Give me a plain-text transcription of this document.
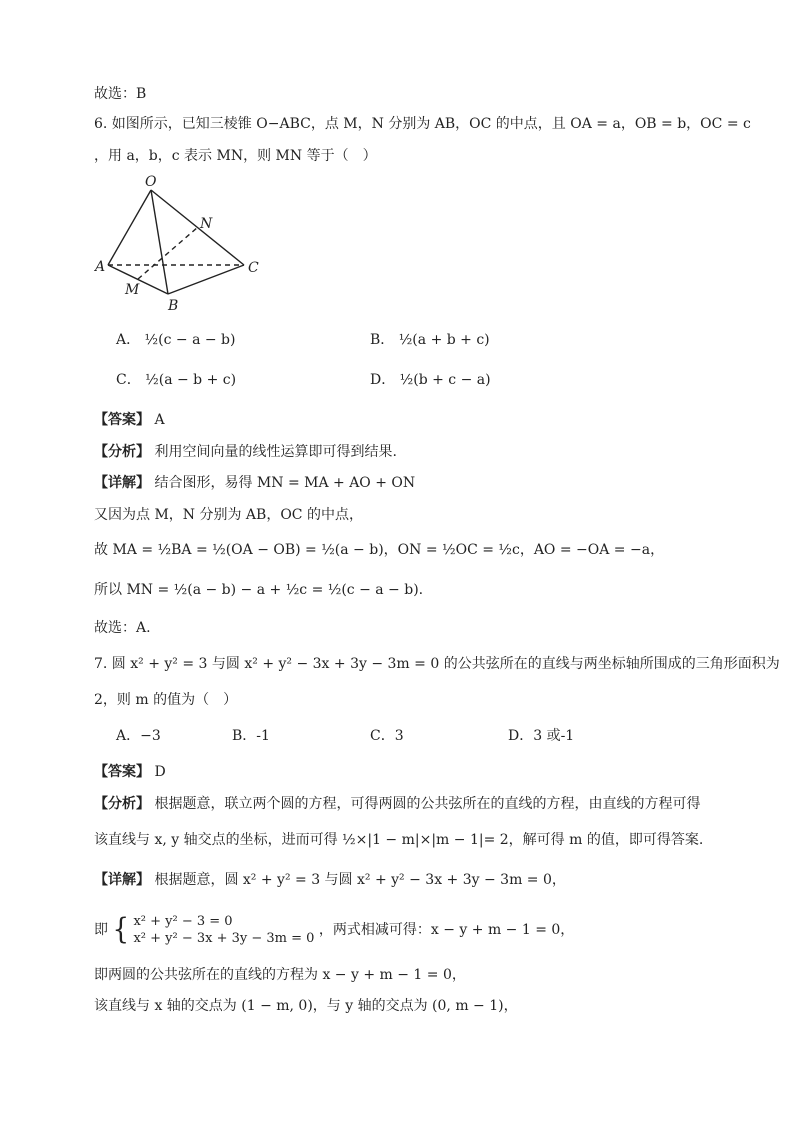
故选：B
6. 如图所示，已知三棱锥 O−ABC，点 M，N 分别为 AB，OC 的中点，且 OA = a，OB = b，OC = c
，用 a，b，c 表示 MN，则 MN 等于（　）
O
A
B
C
M
N
A． ½(c − a − b)	B． ½(a + b + c)
C． ½(a − b + c)	D． ½(b + c − a)
【答案】 A
【分析】 利用空间向量的线性运算即可得到结果.
【详解】 结合图形，易得 MN = MA + AO + ON
又因为点 M，N 分别为 AB，OC 的中点，
故 MA = ½BA = ½(OA − OB) = ½(a − b)，ON = ½OC = ½c，AO = −OA = −a，
所以 MN = ½(a − b) − a + ½c = ½(c − a − b).
故选：A.
7. 圆 x² + y² = 3 与圆 x² + y² − 3x + 3y − 3m = 0 的公共弦所在的直线与两坐标轴所围成的三角形面积为
2，则 m 的值为（　）
A．−3	B．-1	C．3	D．3 或-1
【答案】 D
【分析】 根据题意，联立两个圆的方程，可得两圆的公共弦所在的直线的方程，由直线的方程可得
该直线与 x, y 轴交点的坐标，进而可得 ½×|1 − m|×|m − 1|= 2，解可得 m 的值，即可得答案.
【详解】 根据题意，圆 x² + y² = 3 与圆 x² + y² − 3x + 3y − 3m = 0，
即 { x² + y² − 3 = 0
x² + y² − 3x + 3y − 3m = 0
，两式相减可得：x − y + m − 1 = 0，
即两圆的公共弦所在的直线的方程为 x − y + m − 1 = 0，
该直线与 x 轴的交点为 (1 − m, 0)，与 y 轴的交点为 (0, m − 1)，
